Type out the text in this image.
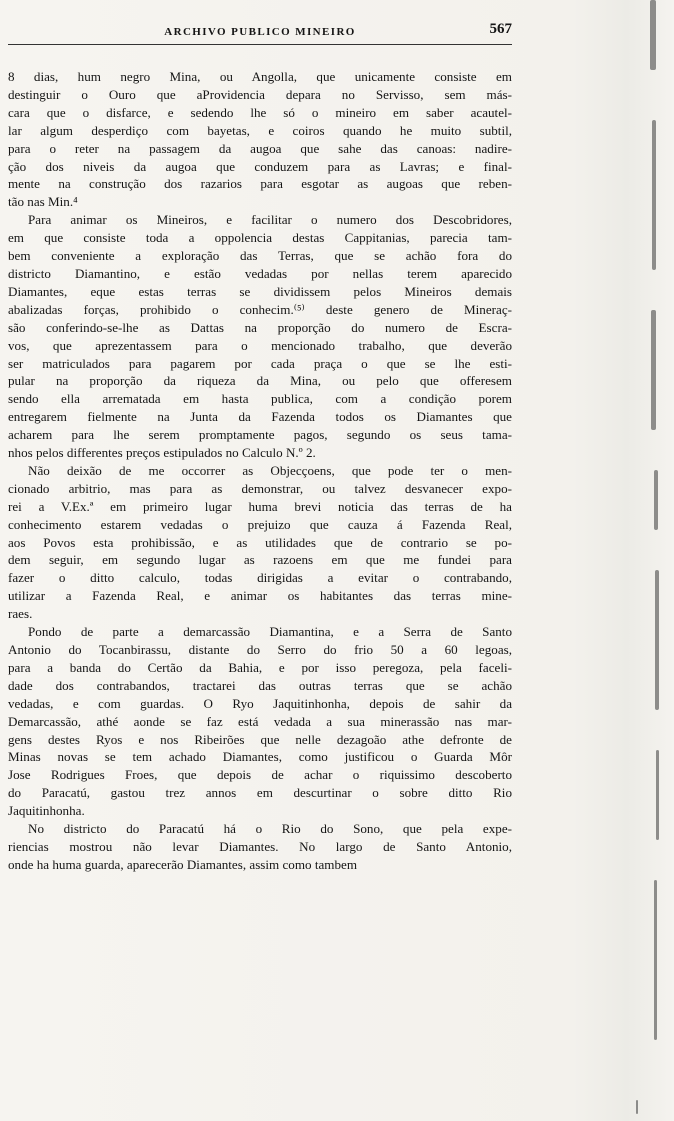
ARCHIVO PUBLICO MINEIRO	567
8 dias, hum negro Mina, ou Angolla, que unicamente consiste em
destinguir o Ouro que aProvidencia depara no Servisso, sem más-
cara que o disfarce, e sedendo lhe só o mineiro em saber acautel-
lar algum desperdiço com bayetas, e coiros quando he muito subtil,
para o reter na passagem da augoa que sahe das canoas: nadire-
ção dos niveis da augoa que conduzem para as Lavras; e final-
mente na construção dos razarios para esgotar as augoas que reben-
tão nas Min.⁴
Para animar os Mineiros, e facilitar o numero dos Descobridores,
em que consiste toda a oppolencia destas Cappitanias, parecia tam-
bem conveniente a exploração das Terras, que se achão fora do
districto Diamantino, e estão vedadas por nellas terem aparecido
Diamantes, eque estas terras se dividissem pelos Mineiros demais
abalizadas forças, prohibido o conhecim.⁽⁵⁾ deste genero de Mineraç-
são conferindo-se-lhe as Dattas na proporção do numero de Escra-
vos, que aprezentassem para o mencionado trabalho, que deverão
ser matriculados para pagarem por cada praça o que se lhe esti-
pular na proporção da riqueza da Mina, ou pelo que offeresem
sendo ella arrematada em hasta publica, com a condição porem
entregarem fielmente na Junta da Fazenda todos os Diamantes que
acharem para lhe serem promptamente pagos, segundo os seus tama-
nhos pelos differentes preços estipulados no Calculo N.º 2.
Não deixão de me occorrer as Objecçoens, que pode ter o men-
cionado arbitrio, mas para as demonstrar, ou talvez desvanecer expo-
rei a V.Ex.ª em primeiro lugar huma brevi noticia das terras de ha
conhecimento estarem vedadas o prejuizo que cauza á Fazenda Real,
aos Povos esta prohibissão, e as utilidades que de contrario se po-
dem seguir, em segundo lugar as razoens em que me fundei para
fazer o ditto calculo, todas dirigidas a evitar o contrabando,
utilizar a Fazenda Real, e animar os habitantes das terras mine-
raes.
Pondo de parte a demarcassão Diamantina, e a Serra de Santo
Antonio do Tocanbirassu, distante do Serro do frio 50 a 60 legoas,
para a banda do Certão da Bahia, e por isso peregoza, pela faceli-
dade dos contrabandos, tractarei das outras terras que se achão
vedadas, e com guardas. O Ryo Jaquitinhonha, depois de sahir da
Demarcassão, athé aonde se faz está vedada a sua minerassão nas mar-
gens destes Ryos e nos Ribeirões que nelle dezagoão athe defronte de
Minas novas se tem achado Diamantes, como justificou o Guarda Môr
Jose Rodrigues Froes, que depois de achar o riquissimo descoberto
do Paracatú, gastou trez annos em descurtinar o sobre ditto Rio
Jaquitinhonha.
No districto do Paracatú há o Rio do Sono, que pela expe-
riencias mostrou não levar Diamantes. No largo de Santo Antonio,
onde ha huma guarda, aparecerão Diamantes, assim como tambem
